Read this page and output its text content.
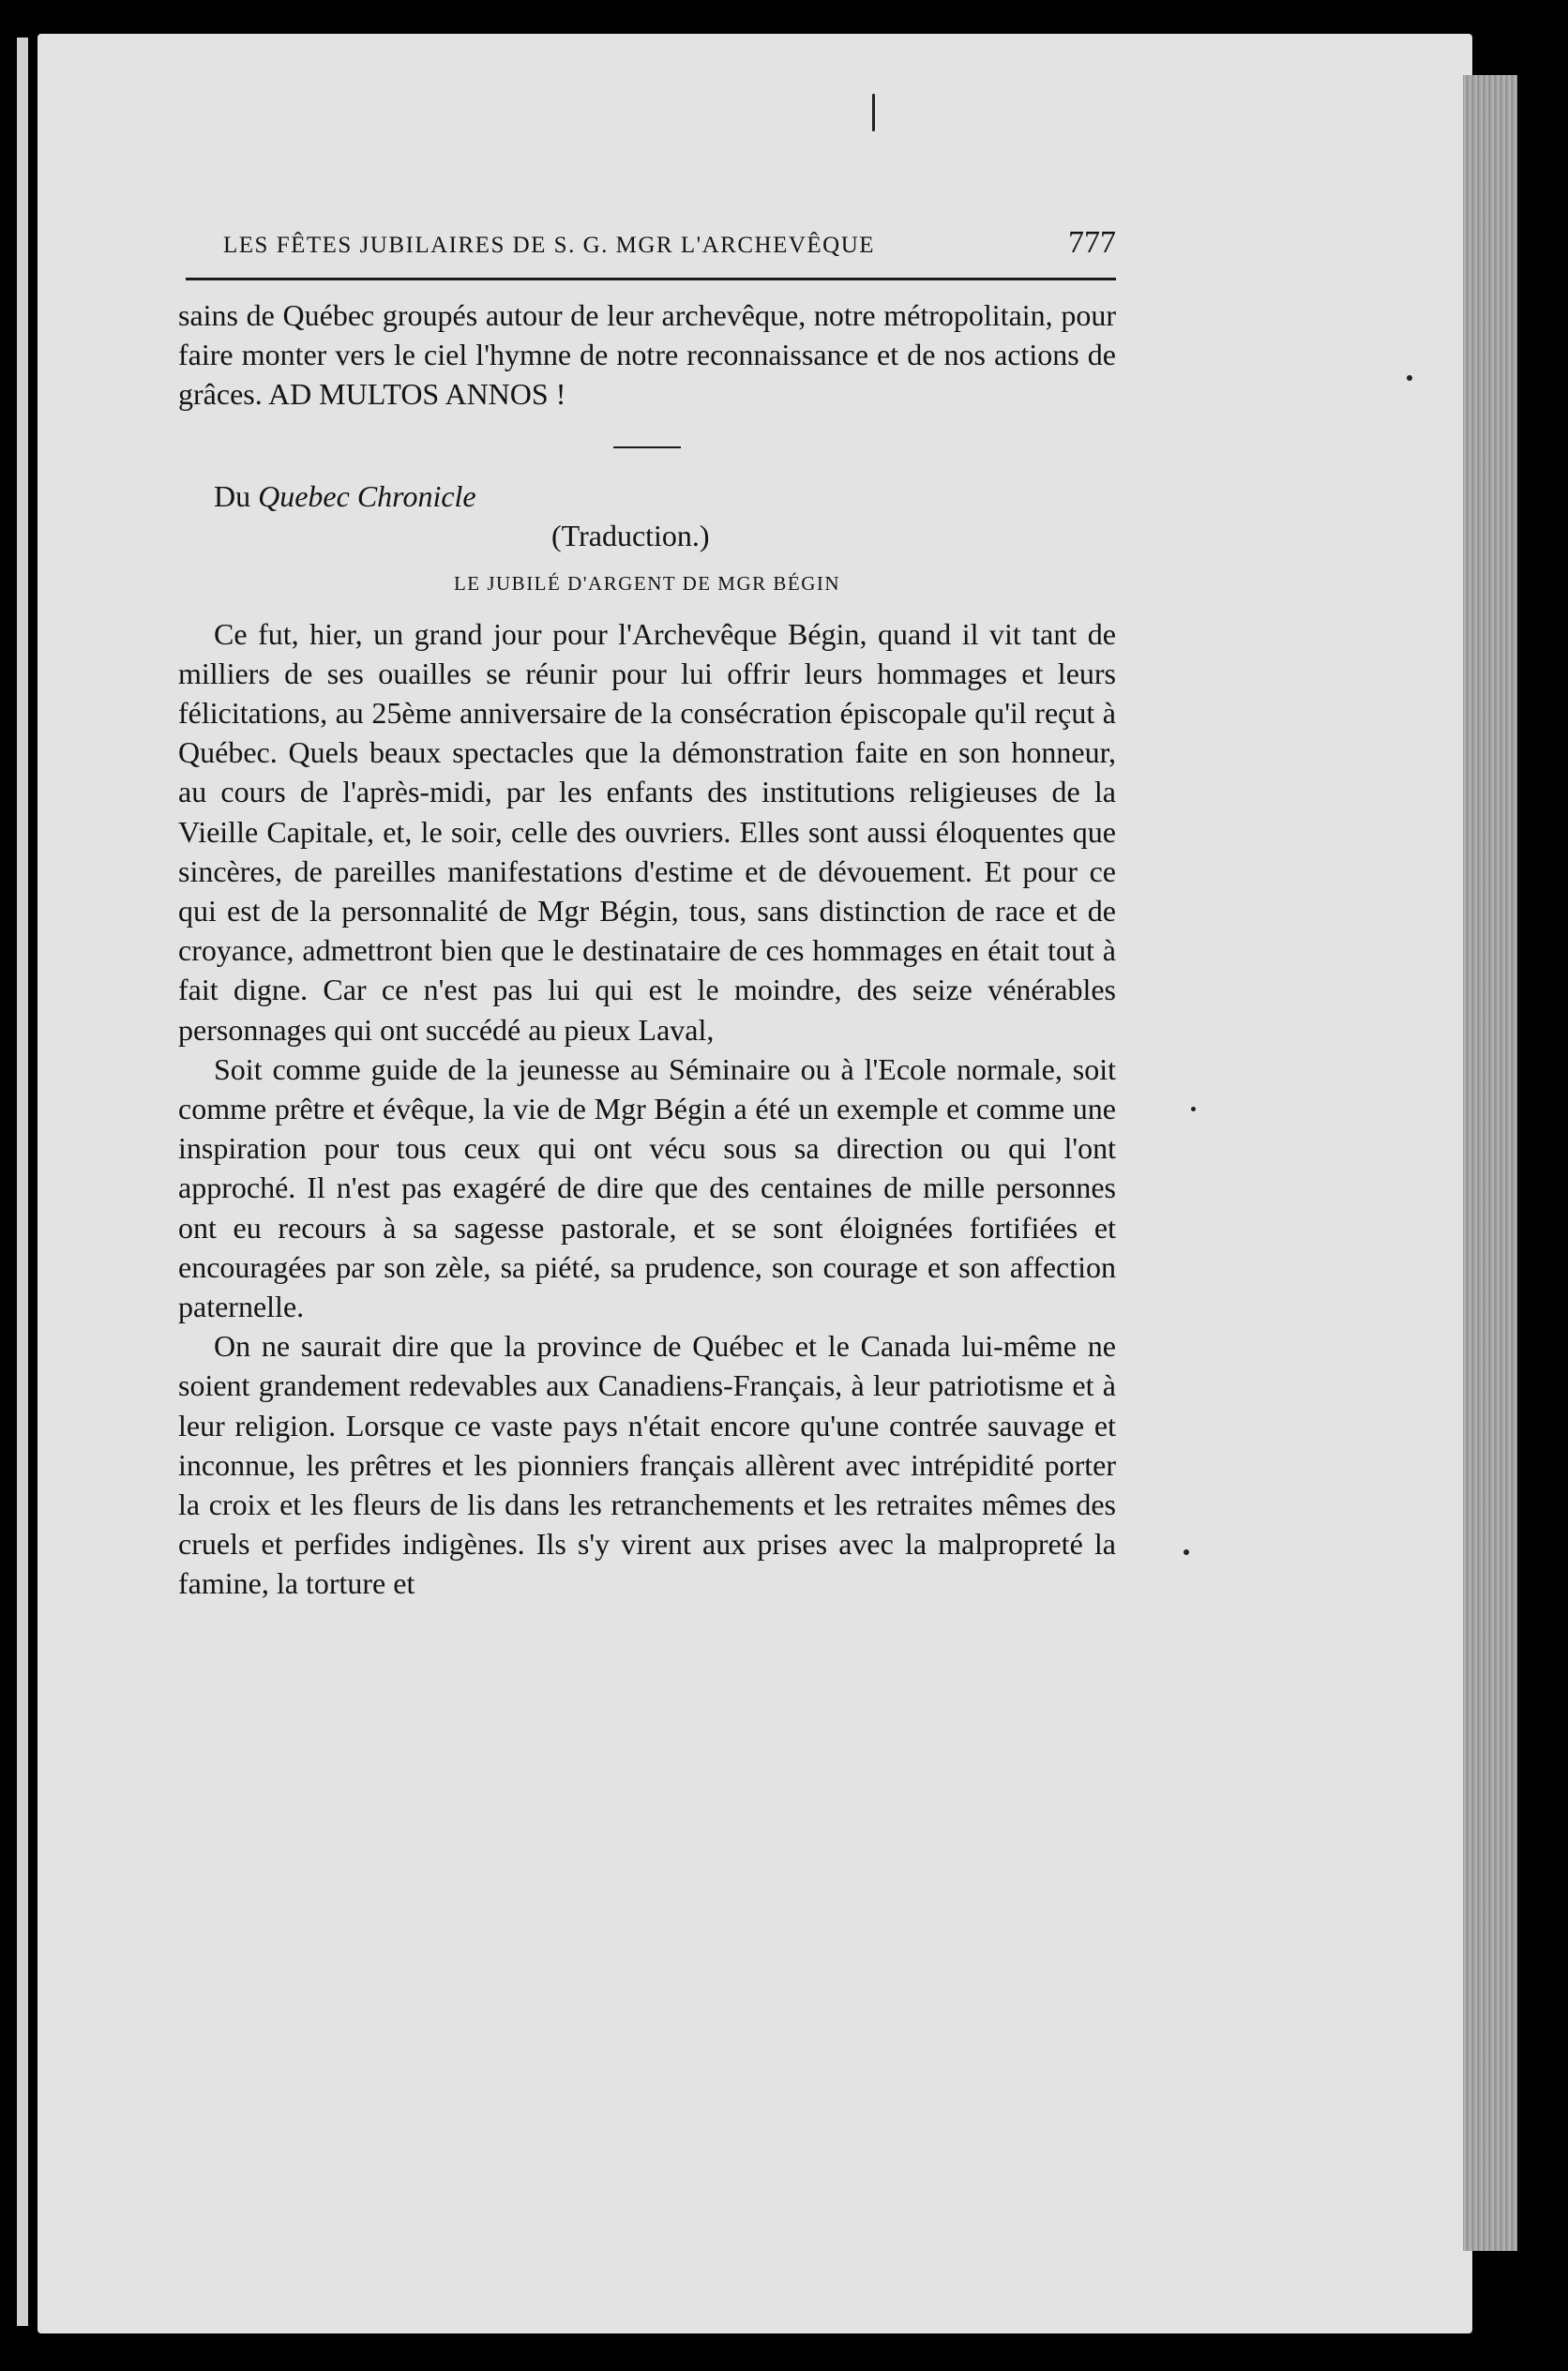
LES FÊTES JUBILAIRES DE S. G. MGR L'ARCHEVÊQUE	777

sains de Québec groupés autour de leur archevêque, notre métropolitain, pour faire monter vers le ciel l'hymne de notre reconnaissance et de nos actions de grâces. AD MULTOS ANNOS !

Du Quebec Chronicle
(Traduction.)
LE JUBILÉ D'ARGENT DE MGR BÉGIN

Ce fut, hier, un grand jour pour l'Archevêque Bégin, quand il vit tant de milliers de ses ouailles se réunir pour lui offrir leurs hommages et leurs félicitations, au 25ème anniversaire de la consécration épiscopale qu'il reçut à Québec. Quels beaux spectacles que la démonstration faite en son honneur, au cours de l'après-midi, par les enfants des institutions religieuses de la Vieille Capitale, et, le soir, celle des ouvriers. Elles sont aussi éloquentes que sincères, de pareilles manifestations d'estime et de dévouement. Et pour ce qui est de la personnalité de Mgr Bégin, tous, sans distinction de race et de croyance, admettront bien que le destinataire de ces hommages en était tout à fait digne. Car ce n'est pas lui qui est le moindre, des seize vénérables personnages qui ont succédé au pieux Laval,

Soit comme guide de la jeunesse au Séminaire ou à l'Ecole normale, soit comme prêtre et évêque, la vie de Mgr Bégin a été un exemple et comme une inspiration pour tous ceux qui ont vécu sous sa direction ou qui l'ont approché. Il n'est pas exagéré de dire que des centaines de mille personnes ont eu recours à sa sagesse pastorale, et se sont éloignées fortifiées et encouragées par son zèle, sa piété, sa prudence, son courage et son affection paternelle.

On ne saurait dire que la province de Québec et le Canada lui-même ne soient grandement redevables aux Canadiens-Français, à leur patriotisme et à leur religion. Lorsque ce vaste pays n'était encore qu'une contrée sauvage et inconnue, les prêtres et les pionniers français allèrent avec intrépidité porter la croix et les fleurs de lis dans les retranchements et les retraites mêmes des cruels et perfides indigènes. Ils s'y virent aux prises avec la malpropreté la famine, la torture et
